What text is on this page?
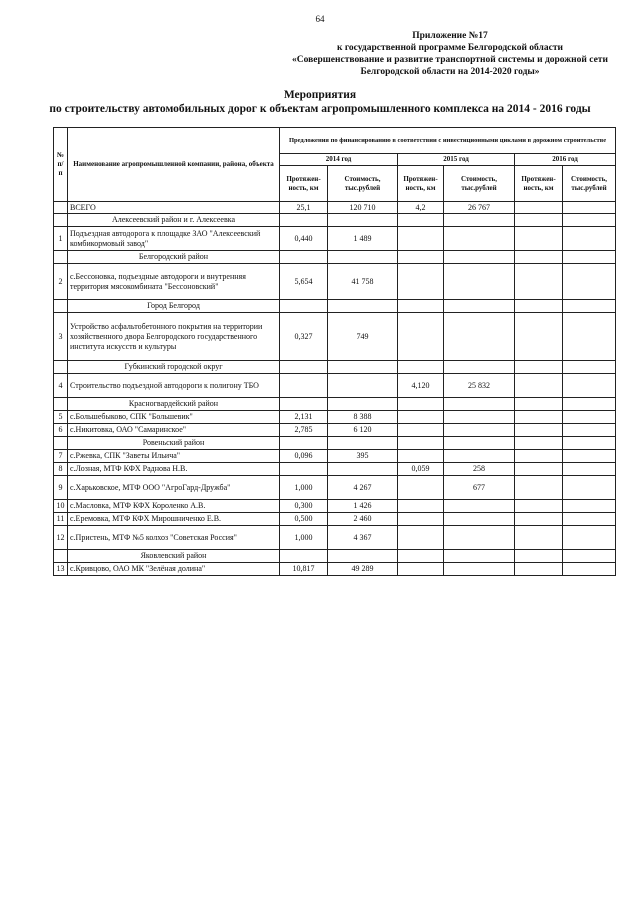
64
Приложение №17
к государственной программе Белгородской области
«Совершенствование и развитие транспортной системы и дорожной сети
Белгородской области на 2014-2020 годы»
Мероприятия
по строительству автомобильных дорог к объектам агропромышленного комплекса на 2014 - 2016 годы
№ п/п	Наименование агропромышленной компании, района, объекта	Предложения по финансированию в соответствии с инвестиционными циклами в дорожном строительстве					
		2014 год		2015 год		2016 год	
		Протяжен-ность, км	Стоимость, тыс.рублей	Протяжен-ность, км	Стоимость, тыс.рублей	Протяжен-ность, км	Стоимость, тыс.рублей
	ВСЕГО	25,1	120 710	4,2	26 767		
	Алексеевский район и г. Алексеевка						
1	Подъездная автодорога к площадке ЗАО "Алексеевский комбикормовый завод"	0,440	1 489				
	Белгородский район						
2	с.Бессоновка, подъездные автодороги и внутренняя территория мясокомбината "Бессоновский"	5,654	41 758				
	Город Белгород						
3	Устройство асфальтобетонного покрытия на территории хозяйственного двора Белгородского государственного института искусств и культуры	0,327	749				
	Губкинский городской округ						
4	Строительство подъездной автодороги к полигону ТБО			4,120	25 832		
	Красногвардейский район						
5	с.Большебыково, СПК "Большевик"	2,131	8 388				
6	с.Никитовка, ОАО "Самаринское"	2,785	6 120				
	Ровеньский район						
7	с.Ржевка, СПК "Заветы Ильича"	0,096	395				
8	с.Лозная, МТФ КФХ Раднова Н.В.			0,059	258		
9	с.Харьковское, МТФ ООО "АгроГард-Дружба"	1,000	4 267		677		
10	с.Масловка, МТФ КФХ Короленко А.В.	0,300	1 426				
11	с.Еремовка, МТФ КФХ Мирошниченко Е.В.	0,500	2 460				
12	с.Пристень, МТФ №5 колхоз "Советская Россия"	1,000	4 367				
	Яковлевский район						
13	с.Кривцово, ОАО МК "Зелёная долина"	10,817	49 289				
